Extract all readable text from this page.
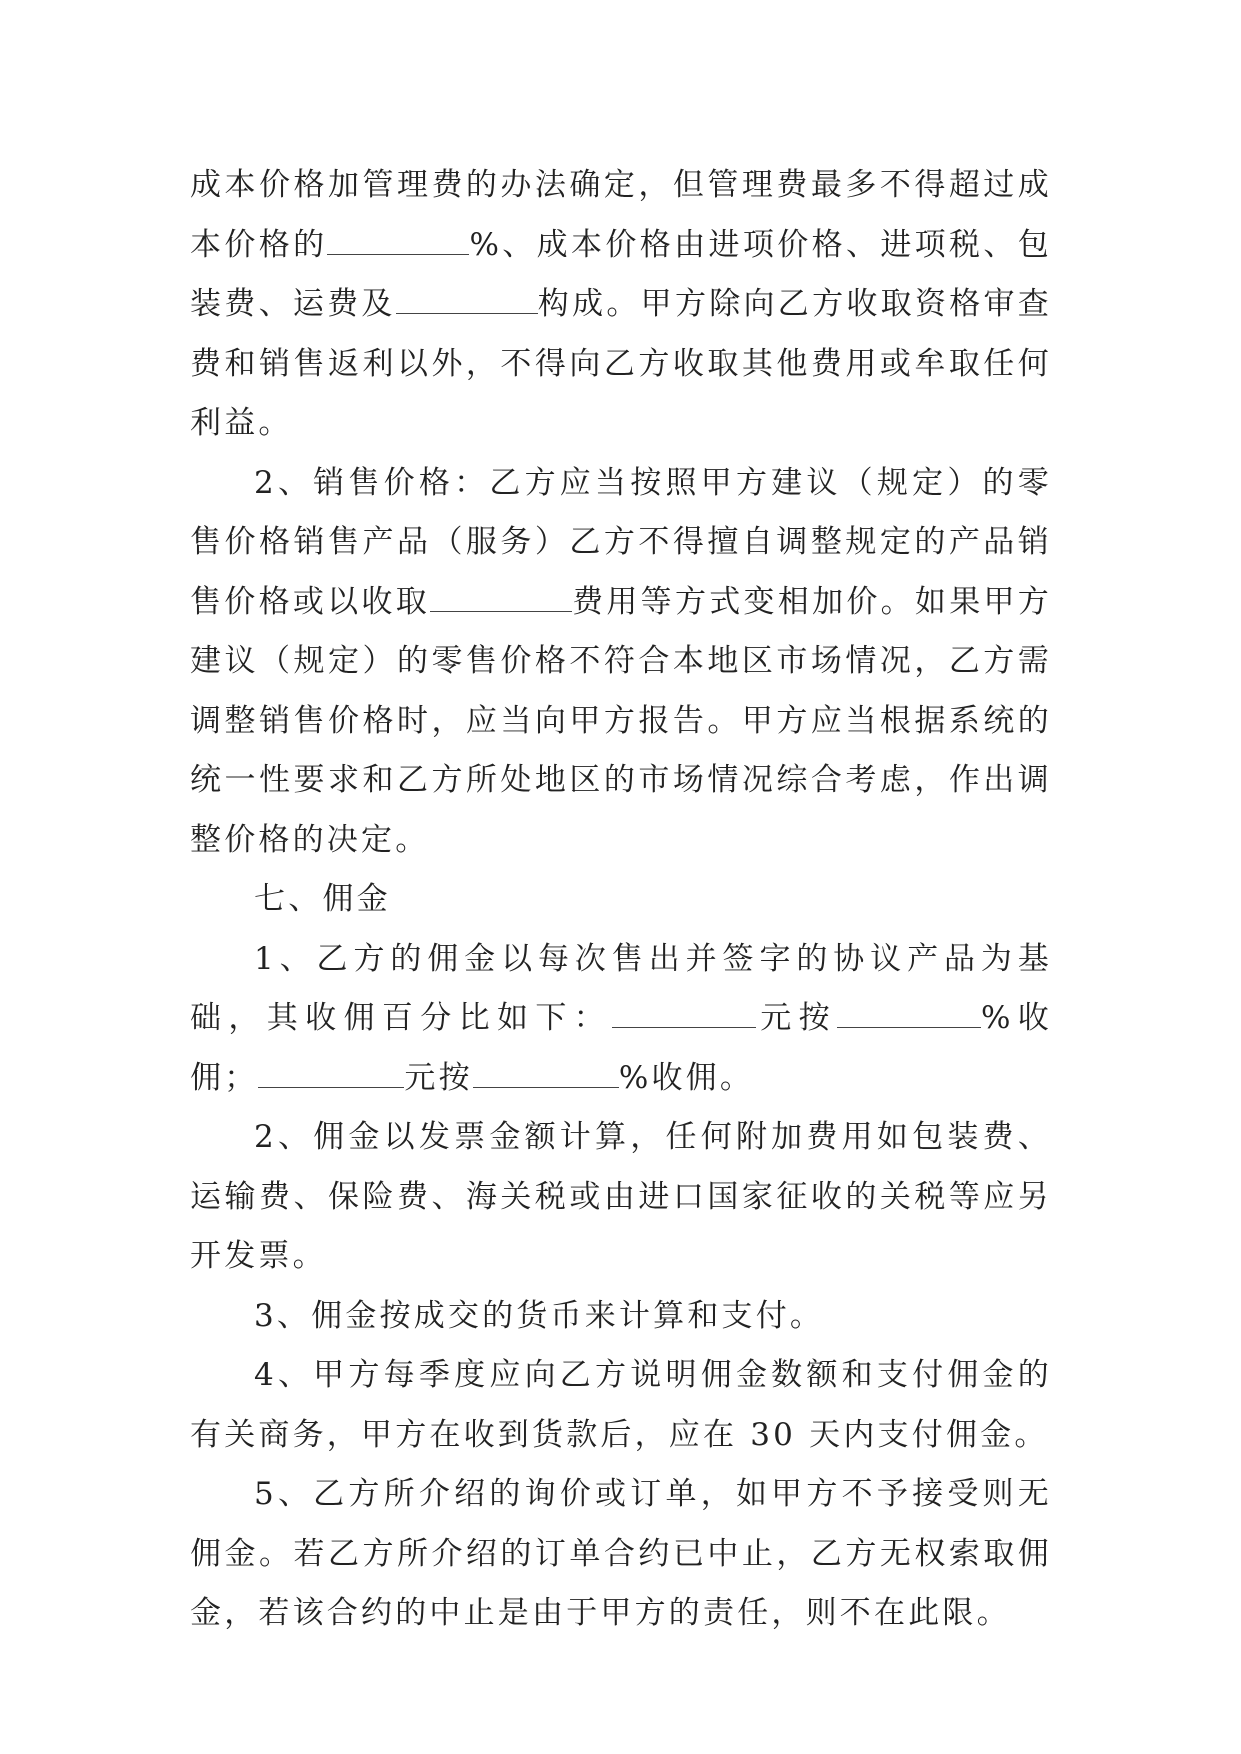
成本价格加管理费的办法确定，但管理费最多不得超过成本价格的	%、成本价格由进项价格、进项税、包装费、运费及	构成。甲方除向乙方收取资格审查费和销售返利以外，不得向乙方收取其他费用或牟取任何利益。

2、销售价格：乙方应当按照甲方建议（规定）的零售价格销售产品（服务）乙方不得擅自调整规定的产品销售价格或以收取	费用等方式变相加价。如果甲方建议（规定）的零售价格不符合本地区市场情况，乙方需调整销售价格时，应当向甲方报告。甲方应当根据系统的统一性要求和乙方所处地区的市场情况综合考虑，作出调整价格的决定。

七、佣金

1、乙方的佣金以每次售出并签字的协议产品为基础，其收佣百分比如下：	元按	%收佣；	元按	%收佣。

2、佣金以发票金额计算，任何附加费用如包装费、运输费、保险费、海关税或由进口国家征收的关税等应另开发票。

3、佣金按成交的货币来计算和支付。

4、甲方每季度应向乙方说明佣金数额和支付佣金的有关商务，甲方在收到货款后，应在 30 天内支付佣金。

5、乙方所介绍的询价或订单，如甲方不予接受则无佣金。若乙方所介绍的订单合约已中止，乙方无权索取佣金，若该合约的中止是由于甲方的责任，则不在此限。
